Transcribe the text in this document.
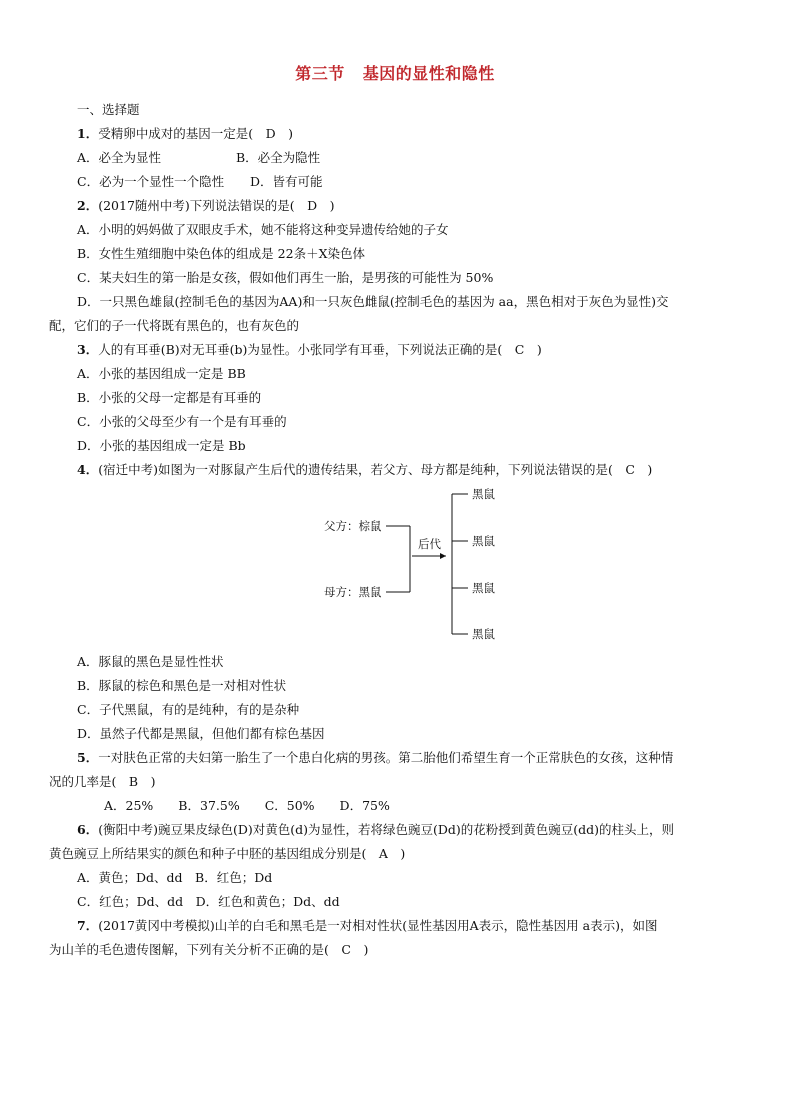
第三节 基因的显性和隐性
一、选择题
1．受精卵中成对的基因一定是(　D　)
A．必全为显性	B．必全为隐性
C．必为一个显性一个隐性 D．皆有可能
2．(2017随州中考)下列说法错误的是(　D　)
A．小明的妈妈做了双眼皮手术，她不能将这种变异遗传给她的子女
B．女性生殖细胞中染色体的组成是 22条＋X染色体
C．某夫妇生的第一胎是女孩，假如他们再生一胎，是男孩的可能性为 50%
D．一只黑色雄鼠(控制毛色的基因为AA)和一只灰色雌鼠(控制毛色的基因为 aa，黑色相对于灰色为显性)交
配，它们的子一代将既有黑色的，也有灰色的
3．人的有耳垂(B)对无耳垂(b)为显性。小张同学有耳垂，下列说法正确的是(　C　)
A．小张的基因组成一定是 BB
B．小张的父母一定都是有耳垂的
C．小张的父母至少有一个是有耳垂的
D．小张的基因组成一定是 Bb
4．(宿迁中考)如图为一对豚鼠产生后代的遗传结果，若父方、母方都是纯种，下列说法错误的是(　C　)
父方：棕鼠
母方：黑鼠
后代
黑鼠
黑鼠
黑鼠
黑鼠
A．豚鼠的黑色是显性性状
B．豚鼠的棕色和黑色是一对相对性状
C．子代黑鼠，有的是纯种，有的是杂种
D．虽然子代都是黑鼠，但他们都有棕色基因
5．一对肤色正常的夫妇第一胎生了一个患白化病的男孩。第二胎他们希望生育一个正常肤色的女孩，这种情
况的几率是(　B　)
A．25%　　B．37.5%　　C．50%　　D．75%
6．(衡阳中考)豌豆果皮绿色(D)对黄色(d)为显性，若将绿色豌豆(Dd)的花粉授到黄色豌豆(dd)的柱头上，则
黄色豌豆上所结果实的颜色和种子中胚的基因组成分别是(　A　)
A．黄色；Dd、dd　B．红色；Dd
C．红色；Dd、dd　D．红色和黄色；Dd、dd
7．(2017黄冈中考模拟)山羊的白毛和黑毛是一对相对性状(显性基因用A表示，隐性基因用 a表示)，如图
为山羊的毛色遗传图解，下列有关分析不正确的是(　C　)
